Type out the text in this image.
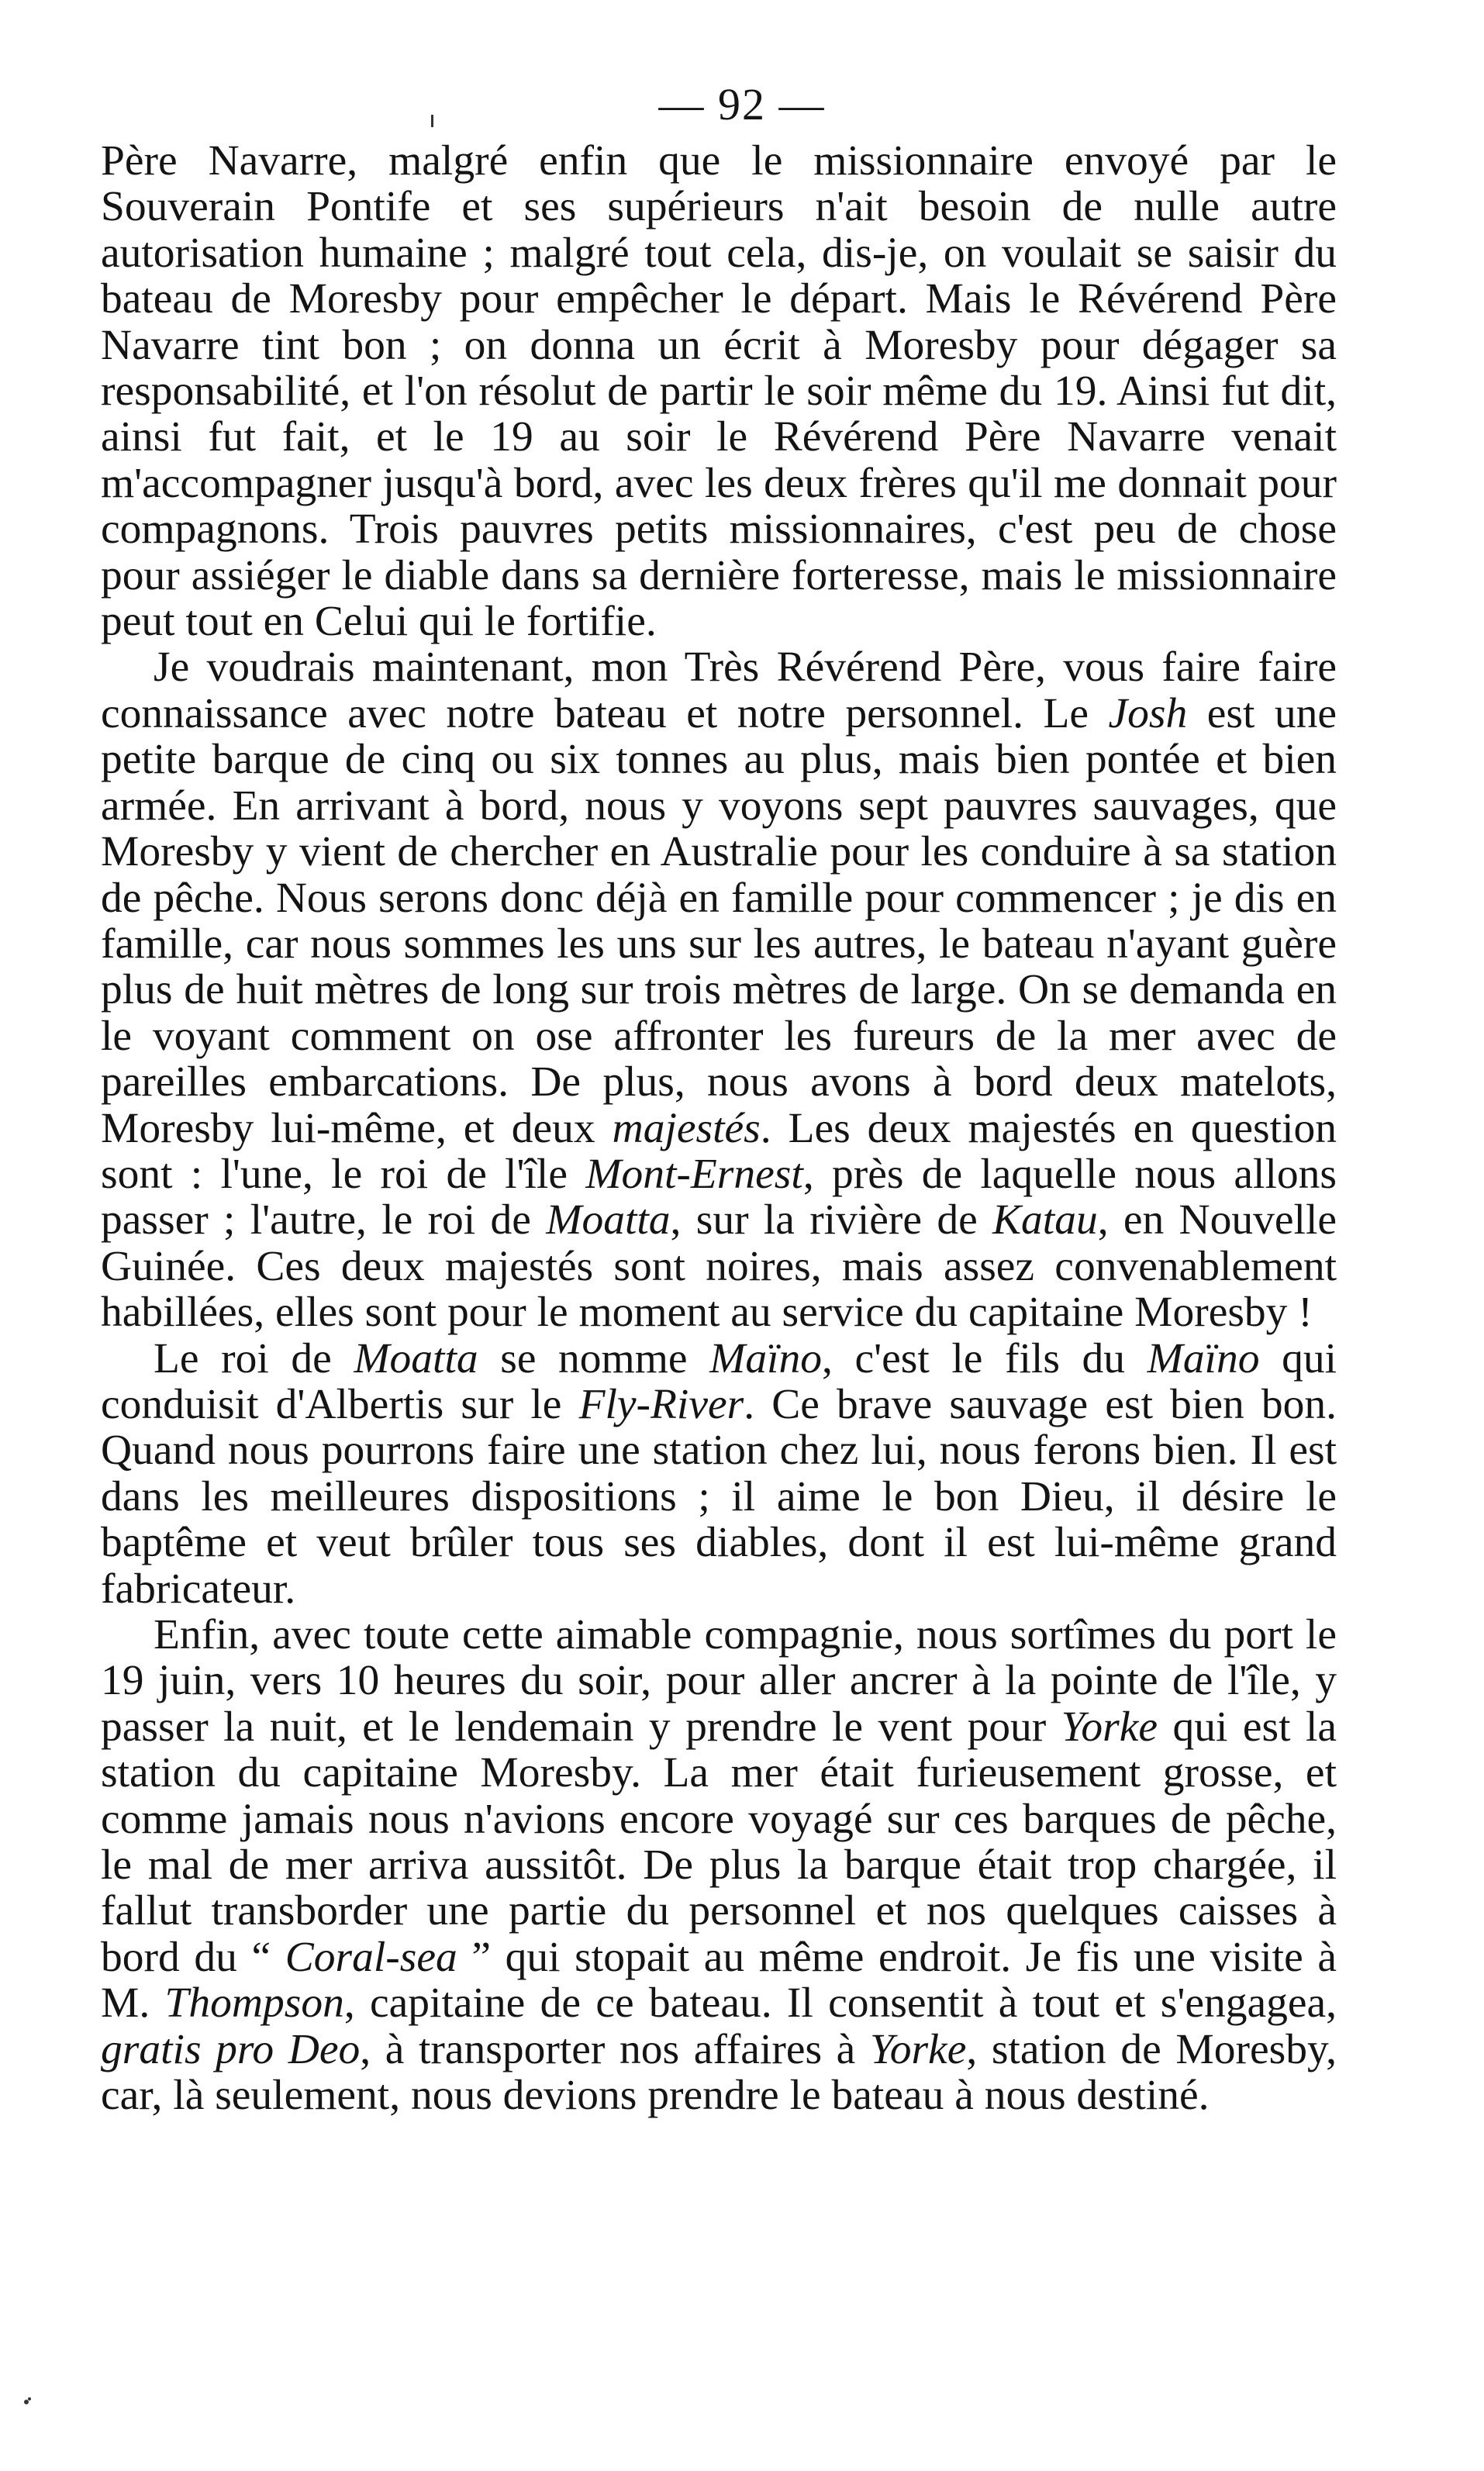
— 92 —

Père Navarre, malgré enfin que le missionnaire envoyé par le Souverain Pontife et ses supérieurs n'ait besoin de nulle autre autorisation humaine ; malgré tout cela, dis-je, on voulait se saisir du bateau de Moresby pour empêcher le départ. Mais le Révérend Père Navarre tint bon ; on donna un écrit à Moresby pour dégager sa responsabilité, et l'on résolut de partir le soir même du 19. Ainsi fut dit, ainsi fut fait, et le 19 au soir le Révérend Père Navarre venait m'accompagner jusqu'à bord, avec les deux frères qu'il me donnait pour compagnons. Trois pauvres petits missionnaires, c'est peu de chose pour assiéger le diable dans sa dernière forteresse, mais le missionnaire peut tout en Celui qui le fortifie.

Je voudrais maintenant, mon Très Révérend Père, vous faire faire connaissance avec notre bateau et notre personnel. Le Josh est une petite barque de cinq ou six tonnes au plus, mais bien pontée et bien armée. En arrivant à bord, nous y voyons sept pauvres sauvages, que Moresby y vient de chercher en Australie pour les conduire à sa station de pêche. Nous serons donc déjà en famille pour commencer ; je dis en famille, car nous sommes les uns sur les autres, le bateau n'ayant guère plus de huit mètres de long sur trois mètres de large. On se demanda en le voyant comment on ose affronter les fureurs de la mer avec de pareilles embarcations. De plus, nous avons à bord deux matelots, Moresby lui-même, et deux majestés. Les deux majestés en question sont : l'une, le roi de l'île Mont-Ernest, près de laquelle nous allons passer ; l'autre, le roi de Moatta, sur la rivière de Katau, en Nouvelle Guinée. Ces deux majestés sont noires, mais assez convenablement habillées, elles sont pour le moment au service du capitaine Moresby !

Le roi de Moatta se nomme Maïno, c'est le fils du Maïno qui conduisit d'Albertis sur le Fly-River. Ce brave sauvage est bien bon. Quand nous pourrons faire une station chez lui, nous ferons bien. Il est dans les meilleures dispositions ; il aime le bon Dieu, il désire le baptême et veut brûler tous ses diables, dont il est lui-même grand fabricateur.

Enfin, avec toute cette aimable compagnie, nous sortîmes du port le 19 juin, vers 10 heures du soir, pour aller ancrer à la pointe de l'île, y passer la nuit, et le lendemain y prendre le vent pour Yorke qui est la station du capitaine Moresby. La mer était furieusement grosse, et comme jamais nous n'avions encore voyagé sur ces barques de pêche, le mal de mer arriva aussitôt. De plus la barque était trop chargée, il fallut transborder une partie du personnel et nos quelques caisses à bord du “ Coral-sea ” qui stopait au même endroit. Je fis une visite à M. Thompson, capitaine de ce bateau. Il consentit à tout et s'engagea, gratis pro Deo, à transporter nos affaires à Yorke, station de Moresby, car, là seulement, nous devions prendre le bateau à nous destiné.
